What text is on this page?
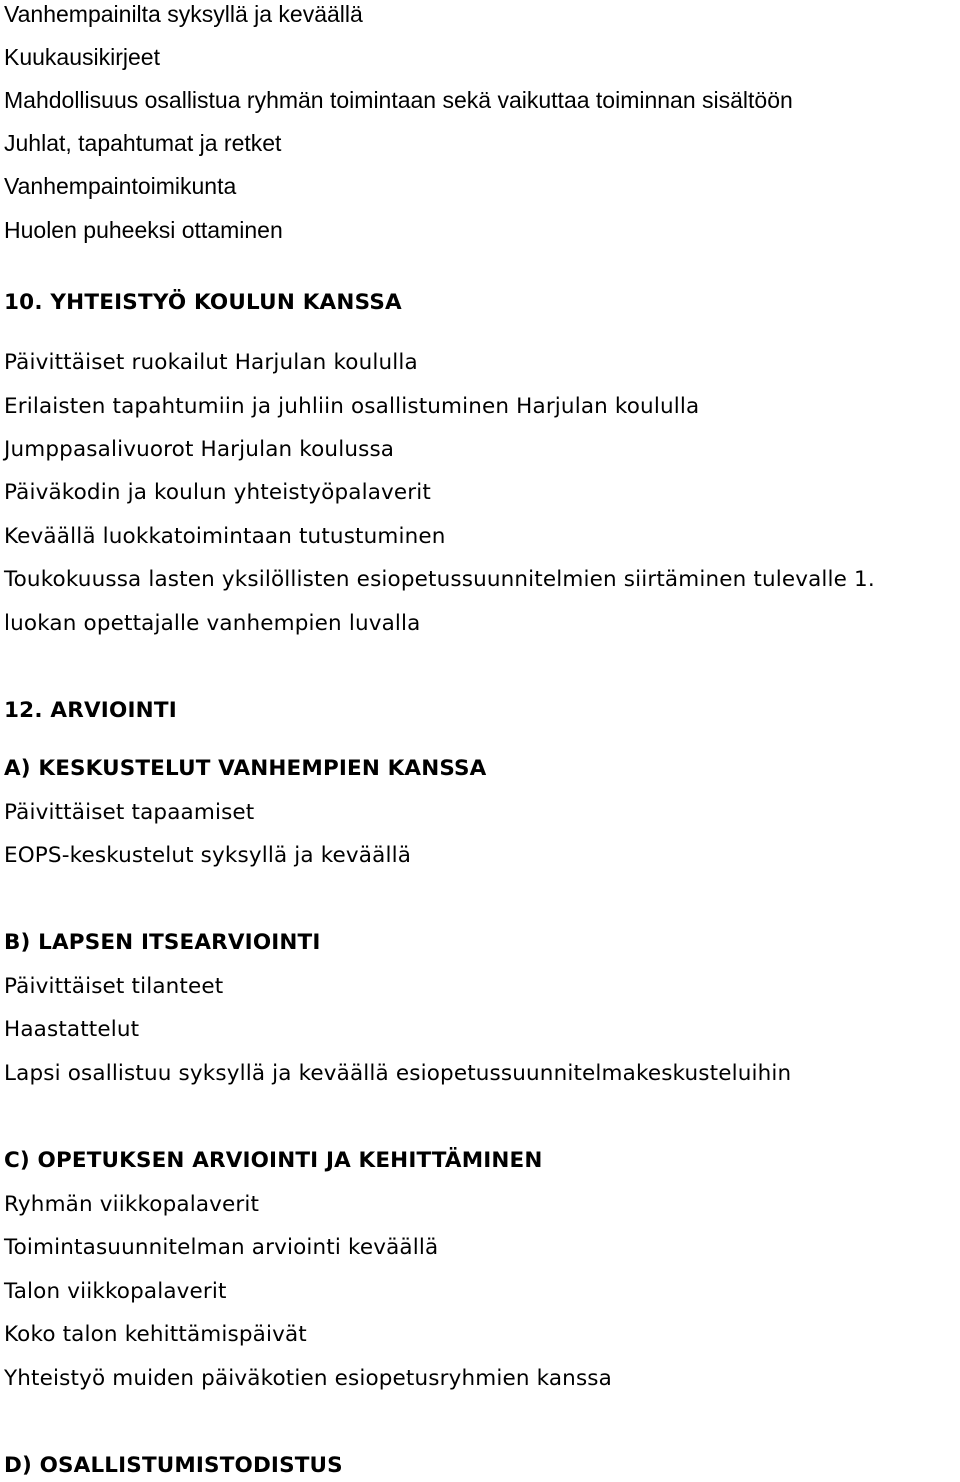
Vanhempainilta syksyllä ja keväällä

Kuukausikirjeet

Mahdollisuus osallistua ryhmän toimintaan sekä vaikuttaa toiminnan sisältöön

Juhlat, tapahtumat ja retket

Vanhempaintoimikunta

Huolen puheeksi ottaminen

10. YHTEISTYÖ KOULUN KANSSA

Päivittäiset ruokailut Harjulan koululla

Erilaisten tapahtumiin ja juhliin osallistuminen Harjulan koululla

Jumppasalivuorot Harjulan koulussa

Päiväkodin ja koulun yhteistyöpalaverit

Keväällä luokkatoimintaan tutustuminen

Toukokuussa lasten yksilöllisten esiopetussuunnitelmien siirtäminen tulevalle 1.

luokan opettajalle vanhempien luvalla

12. ARVIOINTI
A) KESKUSTELUT VANHEMPIEN KANSSA

Päivittäiset tapaamiset

EOPS-keskustelut syksyllä ja keväällä

B) LAPSEN ITSEARVIOINTI

Päivittäiset tilanteet

Haastattelut

Lapsi osallistuu syksyllä ja keväällä esiopetussuunnitelmakeskusteluihin

C) OPETUKSEN ARVIOINTI JA KEHITTÄMINEN

Ryhmän viikkopalaverit

Toimintasuunnitelman arviointi keväällä

Talon viikkopalaverit

Koko talon kehittämispäivät

Yhteistyö muiden päiväkotien esiopetusryhmien kanssa

D) OSALLISTUMISTODISTUS
